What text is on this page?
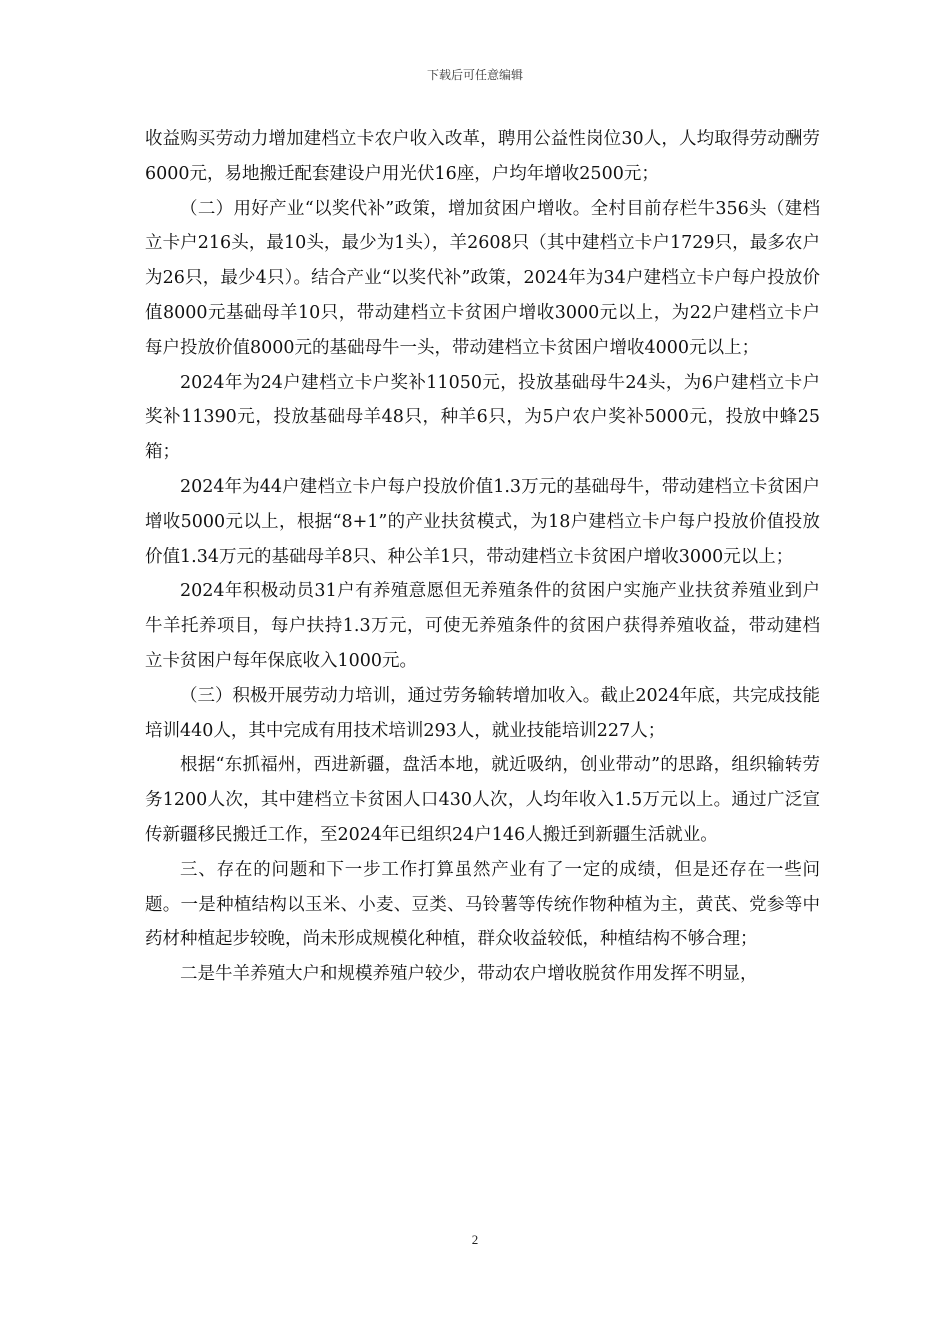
下载后可任意编辑

收益购买劳动力增加建档立卡农户收入改革，聘用公益性岗位30人，人均取得劳动酬劳6000元，易地搬迁配套建设户用光伏16座，户均年增收2500元；

（二）用好产业“以奖代补”政策，增加贫困户增收。全村目前存栏牛356头（建档立卡户216头，最10头，最少为1头），羊2608只（其中建档立卡户1729只，最多农户为26只，最少4只）。结合产业“以奖代补”政策，2024年为34户建档立卡户每户投放价值8000元基础母羊10只，带动建档立卡贫困户增收3000元以上，为22户建档立卡户每户投放价值8000元的基础母牛一头，带动建档立卡贫困户增收4000元以上；

2024年为24户建档立卡户奖补11050元，投放基础母牛24头，为6户建档立卡户奖补11390元，投放基础母羊48只，种羊6只，为5户农户奖补5000元，投放中蜂25箱；

2024年为44户建档立卡户每户投放价值1.3万元的基础母牛，带动建档立卡贫困户增收5000元以上，根据“8+1”的产业扶贫模式，为18户建档立卡户每户投放价值投放价值1.34万元的基础母羊8只、种公羊1只，带动建档立卡贫困户增收3000元以上；

2024年积极动员31户有养殖意愿但无养殖条件的贫困户实施产业扶贫养殖业到户牛羊托养项目，每户扶持1.3万元，可使无养殖条件的贫困户获得养殖收益，带动建档立卡贫困户每年保底收入1000元。

（三）积极开展劳动力培训，通过劳务输转增加收入。截止2024年底，共完成技能培训440人，其中完成有用技术培训293人，就业技能培训227人；

根据“东抓福州，西进新疆，盘活本地，就近吸纳，创业带动”的思路，组织输转劳务1200人次，其中建档立卡贫困人口430人次，人均年收入1.5万元以上。通过广泛宣传新疆移民搬迁工作，至2024年已组织24户146人搬迁到新疆生活就业。

三、存在的问题和下一步工作打算虽然产业有了一定的成绩，但是还存在一些问题。一是种植结构以玉米、小麦、豆类、马铃薯等传统作物种植为主，黄芪、党参等中药材种植起步较晚，尚未形成规模化种植，群众收益较低，种植结构不够合理；

二是牛羊养殖大户和规模养殖户较少，带动农户增收脱贫作用发挥不明显，

2
